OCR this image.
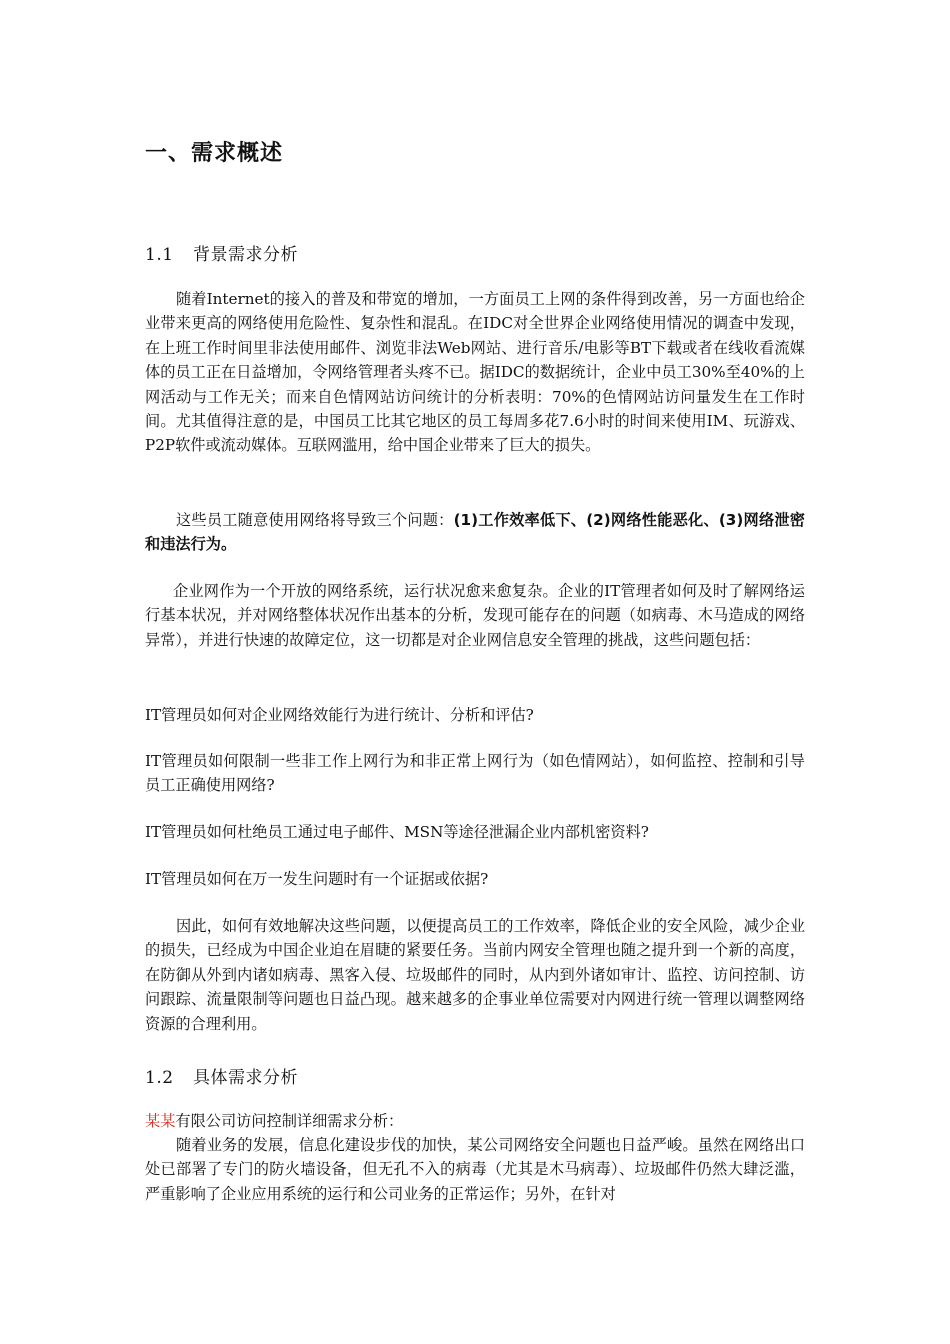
一、需求概述
1.1 背景需求分析
随着Internet的接入的普及和带宽的增加，一方面员工上网的条件得到改善，另一方面也给企业带来更高的网络使用危险性、复杂性和混乱。在IDC对全世界企业网络使用情况的调查中发现，在上班工作时间里非法使用邮件、浏览非法Web网站、进行音乐/电影等BT下载或者在线收看流媒体的员工正在日益增加，令网络管理者头疼不已。据IDC的数据统计，企业中员工30%至40%的上网活动与工作无关；而来自色情网站访问统计的分析表明：70%的色情网站访问量发生在工作时间。尤其值得注意的是，中国员工比其它地区的员工每周多花7.6小时的时间来使用IM、玩游戏、P2P软件或流动媒体。互联网滥用，给中国企业带来了巨大的损失。
这些员工随意使用网络将导致三个问题：(1)工作效率低下、(2)网络性能恶化、(3)网络泄密和违法行为。
企业网作为一个开放的网络系统，运行状况愈来愈复杂。企业的IT管理者如何及时了解网络运行基本状况，并对网络整体状况作出基本的分析，发现可能存在的问题（如病毒、木马造成的网络异常），并进行快速的故障定位，这一切都是对企业网信息安全管理的挑战，这些问题包括：
IT管理员如何对企业网络效能行为进行统计、分析和评估?
IT管理员如何限制一些非工作上网行为和非正常上网行为（如色情网站），如何监控、控制和引导员工正确使用网络?
IT管理员如何杜绝员工通过电子邮件、MSN等途径泄漏企业内部机密资料?
IT管理员如何在万一发生问题时有一个证据或依据?
因此，如何有效地解决这些问题，以便提高员工的工作效率，降低企业的安全风险，减少企业的损失，已经成为中国企业迫在眉睫的紧要任务。当前内网安全管理也随之提升到一个新的高度，在防御从外到内诸如病毒、黑客入侵、垃圾邮件的同时，从内到外诸如审计、监控、访问控制、访问跟踪、流量限制等问题也日益凸现。越来越多的企事业单位需要对内网进行统一管理以调整网络资源的合理利用。
1.2 具体需求分析
某某有限公司访问控制详细需求分析：
随着业务的发展，信息化建设步伐的加快，某公司网络安全问题也日益严峻。虽然在网络出口处已部署了专门的防火墙设备，但无孔不入的病毒（尤其是木马病毒）、垃圾邮件仍然大肆泛滥，严重影响了企业应用系统的运行和公司业务的正常运作；另外，在针对
